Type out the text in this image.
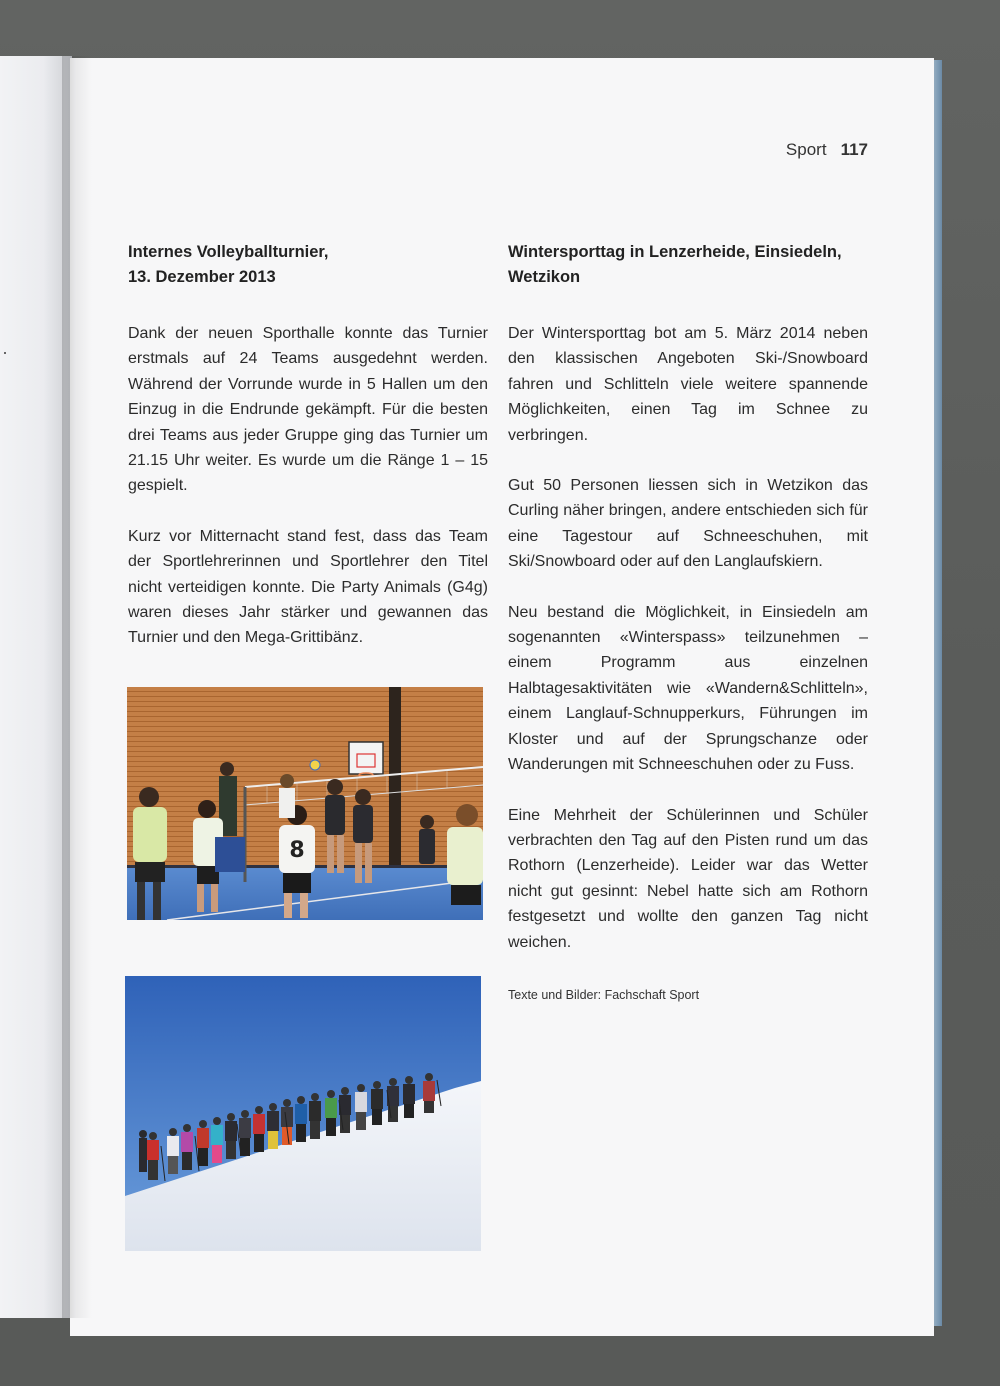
Sport 117
Internes Volleyballturnier,
13. Dezember 2013

Dank der neuen Sporthalle konnte das Turnier erstmals auf 24 Teams ausgedehnt werden. Während der Vorrunde wurde in 5 Hallen um den Einzug in die Endrunde gekämpft. Für die besten drei Teams aus jeder Gruppe ging das Turnier um 21.15 Uhr weiter. Es wurde um die Ränge 1 – 15 gespielt.

Kurz vor Mitternacht stand fest, dass das Team der Sportlehrerinnen und Sportlehrer den Titel nicht verteidigen konnte. Die Party Animals (G4g) waren dieses Jahr stärker und gewannen das Turnier und den Mega-Grittibänz.

Wintersporttag in Lenzerheide, Einsiedeln,
Wetzikon

Der Wintersporttag bot am 5. März 2014 neben den klassischen Angeboten Ski-/Snowboard fahren und Schlitteln viele weitere spannende Möglichkeiten, einen Tag im Schnee zu verbringen.

Gut 50 Personen liessen sich in Wetzikon das Curling näher bringen, andere entschieden sich für eine Tagestour auf Schneeschuhen, mit Ski/Snowboard oder auf den Langlaufskiern.

Neu bestand die Möglichkeit, in Einsiedeln am sogenannten «Winterspass» teilzunehmen – einem Programm aus einzelnen Halbtagesaktivitäten wie «Wandern&Schlitteln», einem Langlauf-Schnupperkurs, Führungen im Kloster und auf der Sprungschanze oder Wanderungen mit Schneeschuhen oder zu Fuss.

Eine Mehrheit der Schülerinnen und Schüler verbrachten den Tag auf den Pisten rund um das Rothorn (Lenzerheide). Leider war das Wetter nicht gut gesinnt: Nebel hatte sich am Rothorn festgesetzt und wollte den ganzen Tag nicht weichen.

Texte und Bilder: Fachschaft Sport

8
